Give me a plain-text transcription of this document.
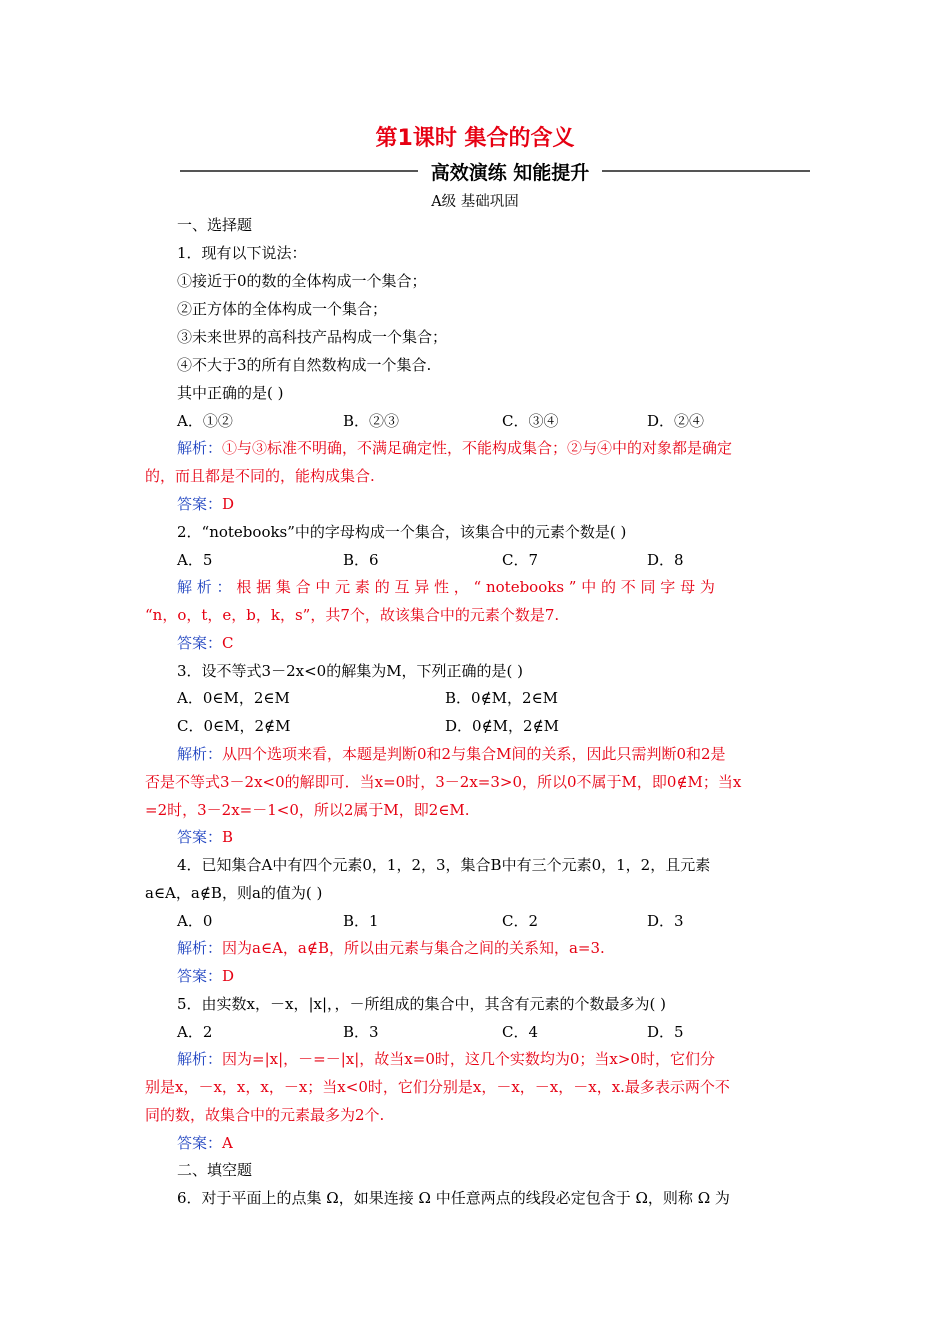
第1课时 集合的含义
高效演练 知能提升
A级 基础巩固
一、选择题
1．现有以下说法：
①接近于0的数的全体构成一个集合；
②正方体的全体构成一个集合；
③未来世界的高科技产品构成一个集合；
④不大于3的所有自然数构成一个集合.
其中正确的是( )
A．①②	B．②③	C．③④	D．②④
解析：①与③标准不明确，不满足确定性，不能构成集合；②与④中的对象都是确定
的，而且都是不同的，能构成集合.
答案：D
2．“notebooks”中的字母构成一个集合，该集合中的元素个数是( )
A．5	B．6	C．7	D．8
解 析 ： 根 据 集 合 中 元 素 的 互 异 性 ， “ notebooks ” 中 的 不 同 字 母 为
“n，o，t，e，b，k，s”，共7个，故该集合中的元素个数是7.
答案：C
3．设不等式3－2x<0的解集为M，下列正确的是( )
A．0∈M，2∈M	B．0∉M，2∈M
C．0∈M，2∉M	D．0∉M，2∉M
解析：从四个选项来看，本题是判断0和2与集合M间的关系，因此只需判断0和2是
否是不等式3－2x<0的解即可．当x=0时，3－2x=3>0，所以0不属于M，即0∉M；当x
=2时，3－2x=－1<0，所以2属于M，即2∈M.
答案：B
4．已知集合A中有四个元素0，1，2，3，集合B中有三个元素0，1，2，且元素
a∈A，a∉B，则a的值为( )
A．0	B．1	C．2	D．3
解析：因为a∈A，a∉B，所以由元素与集合之间的关系知，a=3.
答案：D
5．由实数x，－x，|x|，，－所组成的集合中，其含有元素的个数最多为( )
A．2	B．3	C．4	D．5
解析：因为=|x|，－=－|x|，故当x=0时，这几个实数均为0；当x>0时，它们分
别是x，－x，x，x，－x；当x<0时，它们分别是x，－x，－x，－x，x.最多表示两个不
同的数，故集合中的元素最多为2个.
答案：A
二、填空题
6．对于平面上的点集 Ω，如果连接 Ω 中任意两点的线段必定包含于 Ω，则称 Ω 为
